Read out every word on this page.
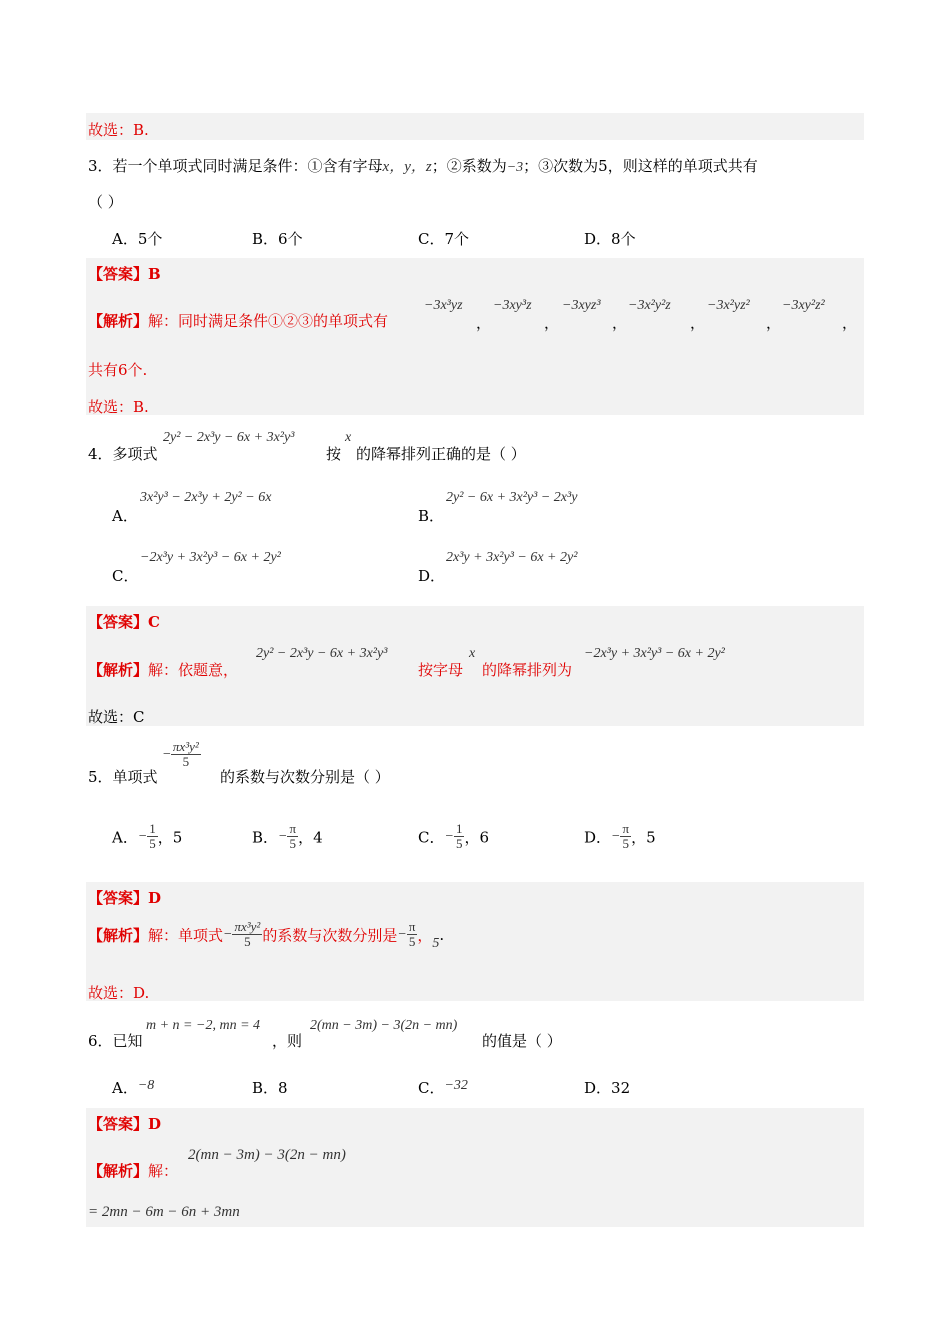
故选：B.
3．若一个单项式同时满足条件：①含有字母x，y，z；②系数为−3；③次数为5，则这样的单项式共有
（ ）
A．5个	B．6个	C．7个	D．8个
【答案】B
【解析】解：同时满足条件①②③的单项式有
−3x³yz
，
−3xy³z
，
−3xyz³
，
−3x²y²z
，
−3x²yz²
，
−3xy²z²
，
共有6个.
故选：B.
4．多项式
2y² − 2x³y − 6x + 3x²y³
按
x
的降幂排列正确的是（ ）
A．
3x²y³ − 2x³y + 2y² − 6x
B．
2y² − 6x + 3x²y³ − 2x³y
C．
−2x³y + 3x²y³ − 6x + 2y²
D．
2x³y + 3x²y³ − 6x + 2y²
【答案】C
【解析】解：依题意，
2y² − 2x³y − 6x + 3x²y³
按字母
x
的降幂排列为
−2x³y + 3x²y³ − 6x + 2y²
故选：C
5．单项式
− $\frac{\text{πx³y²}}{5}$
的系数与次数分别是（ ）
A．− $\frac{1}{5}$ ，5	B．− $\frac{\pi}{5}$ ，4	C．− $\frac{1}{5}$ ，6	D．− $\frac{\pi}{5}$ ，5
【答案】D
【解析】解：单项式− $\frac{\text{πx³y²}}{5}$ 的系数与次数分别是− $\frac{\pi}{5}$ ，5.
故选：D.
6．已知
m + n = −2, mn = 4
，则
2(mn − 3m) − 3(2n − mn)
的值是（ ）
A．−8	B．8	C．−32	D．32
【答案】D
【解析】解：
2(mn − 3m) − 3(2n − mn)
= 2mn − 6m − 6n + 3mn
